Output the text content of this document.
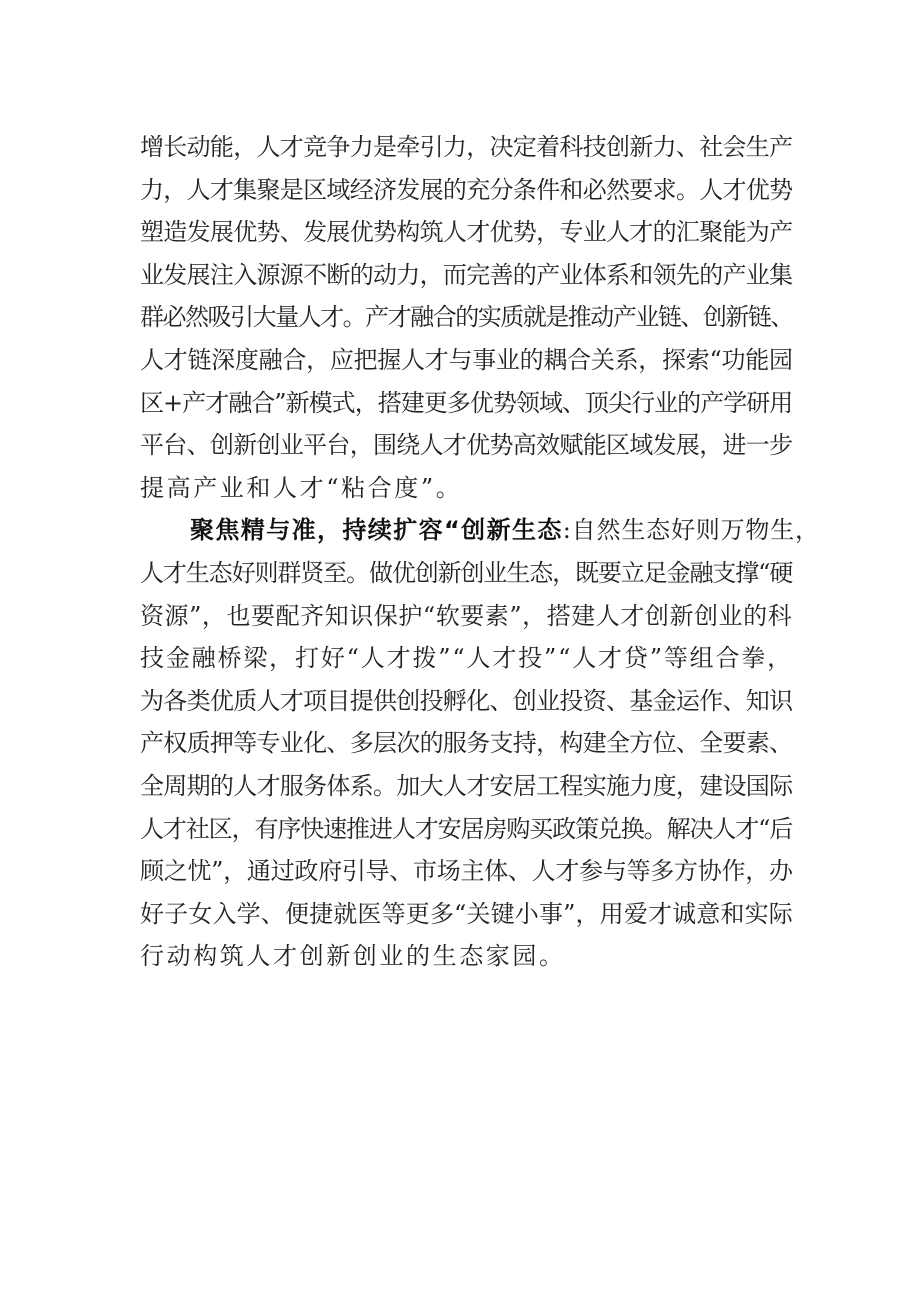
增长动能，人才竞争力是牵引力，决定着科技创新力、社会生产
力，人才集聚是区域经济发展的充分条件和必然要求。人才优势
塑造发展优势、发展优势构筑人才优势，专业人才的汇聚能为产
业发展注入源源不断的动力，而完善的产业体系和领先的产业集
群必然吸引大量人才。产才融合的实质就是推动产业链、创新链、
人才链深度融合，应把握人才与事业的耦合关系，探索“功能园
区+产才融合”新模式，搭建更多优势领域、顶尖行业的产学研用
平台、创新创业平台，围绕人才优势高效赋能区域发展，进一步
提高产业和人才“粘合度”。

聚焦精与准，持续扩容“创新生态:自然生态好则万物生，
人才生态好则群贤至。做优创新创业生态，既要立足金融支撑“硬
资源”，也要配齐知识保护“软要素”，搭建人才创新创业的科
技金融桥梁，打好“人才拨”“人才投”“人才贷”等组合拳，
为各类优质人才项目提供创投孵化、创业投资、基金运作、知识
产权质押等专业化、多层次的服务支持，构建全方位、全要素、
全周期的人才服务体系。加大人才安居工程实施力度，建设国际
人才社区，有序快速推进人才安居房购买政策兑换。解决人才“后
顾之忧”，通过政府引导、市场主体、人才参与等多方协作，办
好子女入学、便捷就医等更多“关键小事”，用爱才诚意和实际
行动构筑人才创新创业的生态家园。
